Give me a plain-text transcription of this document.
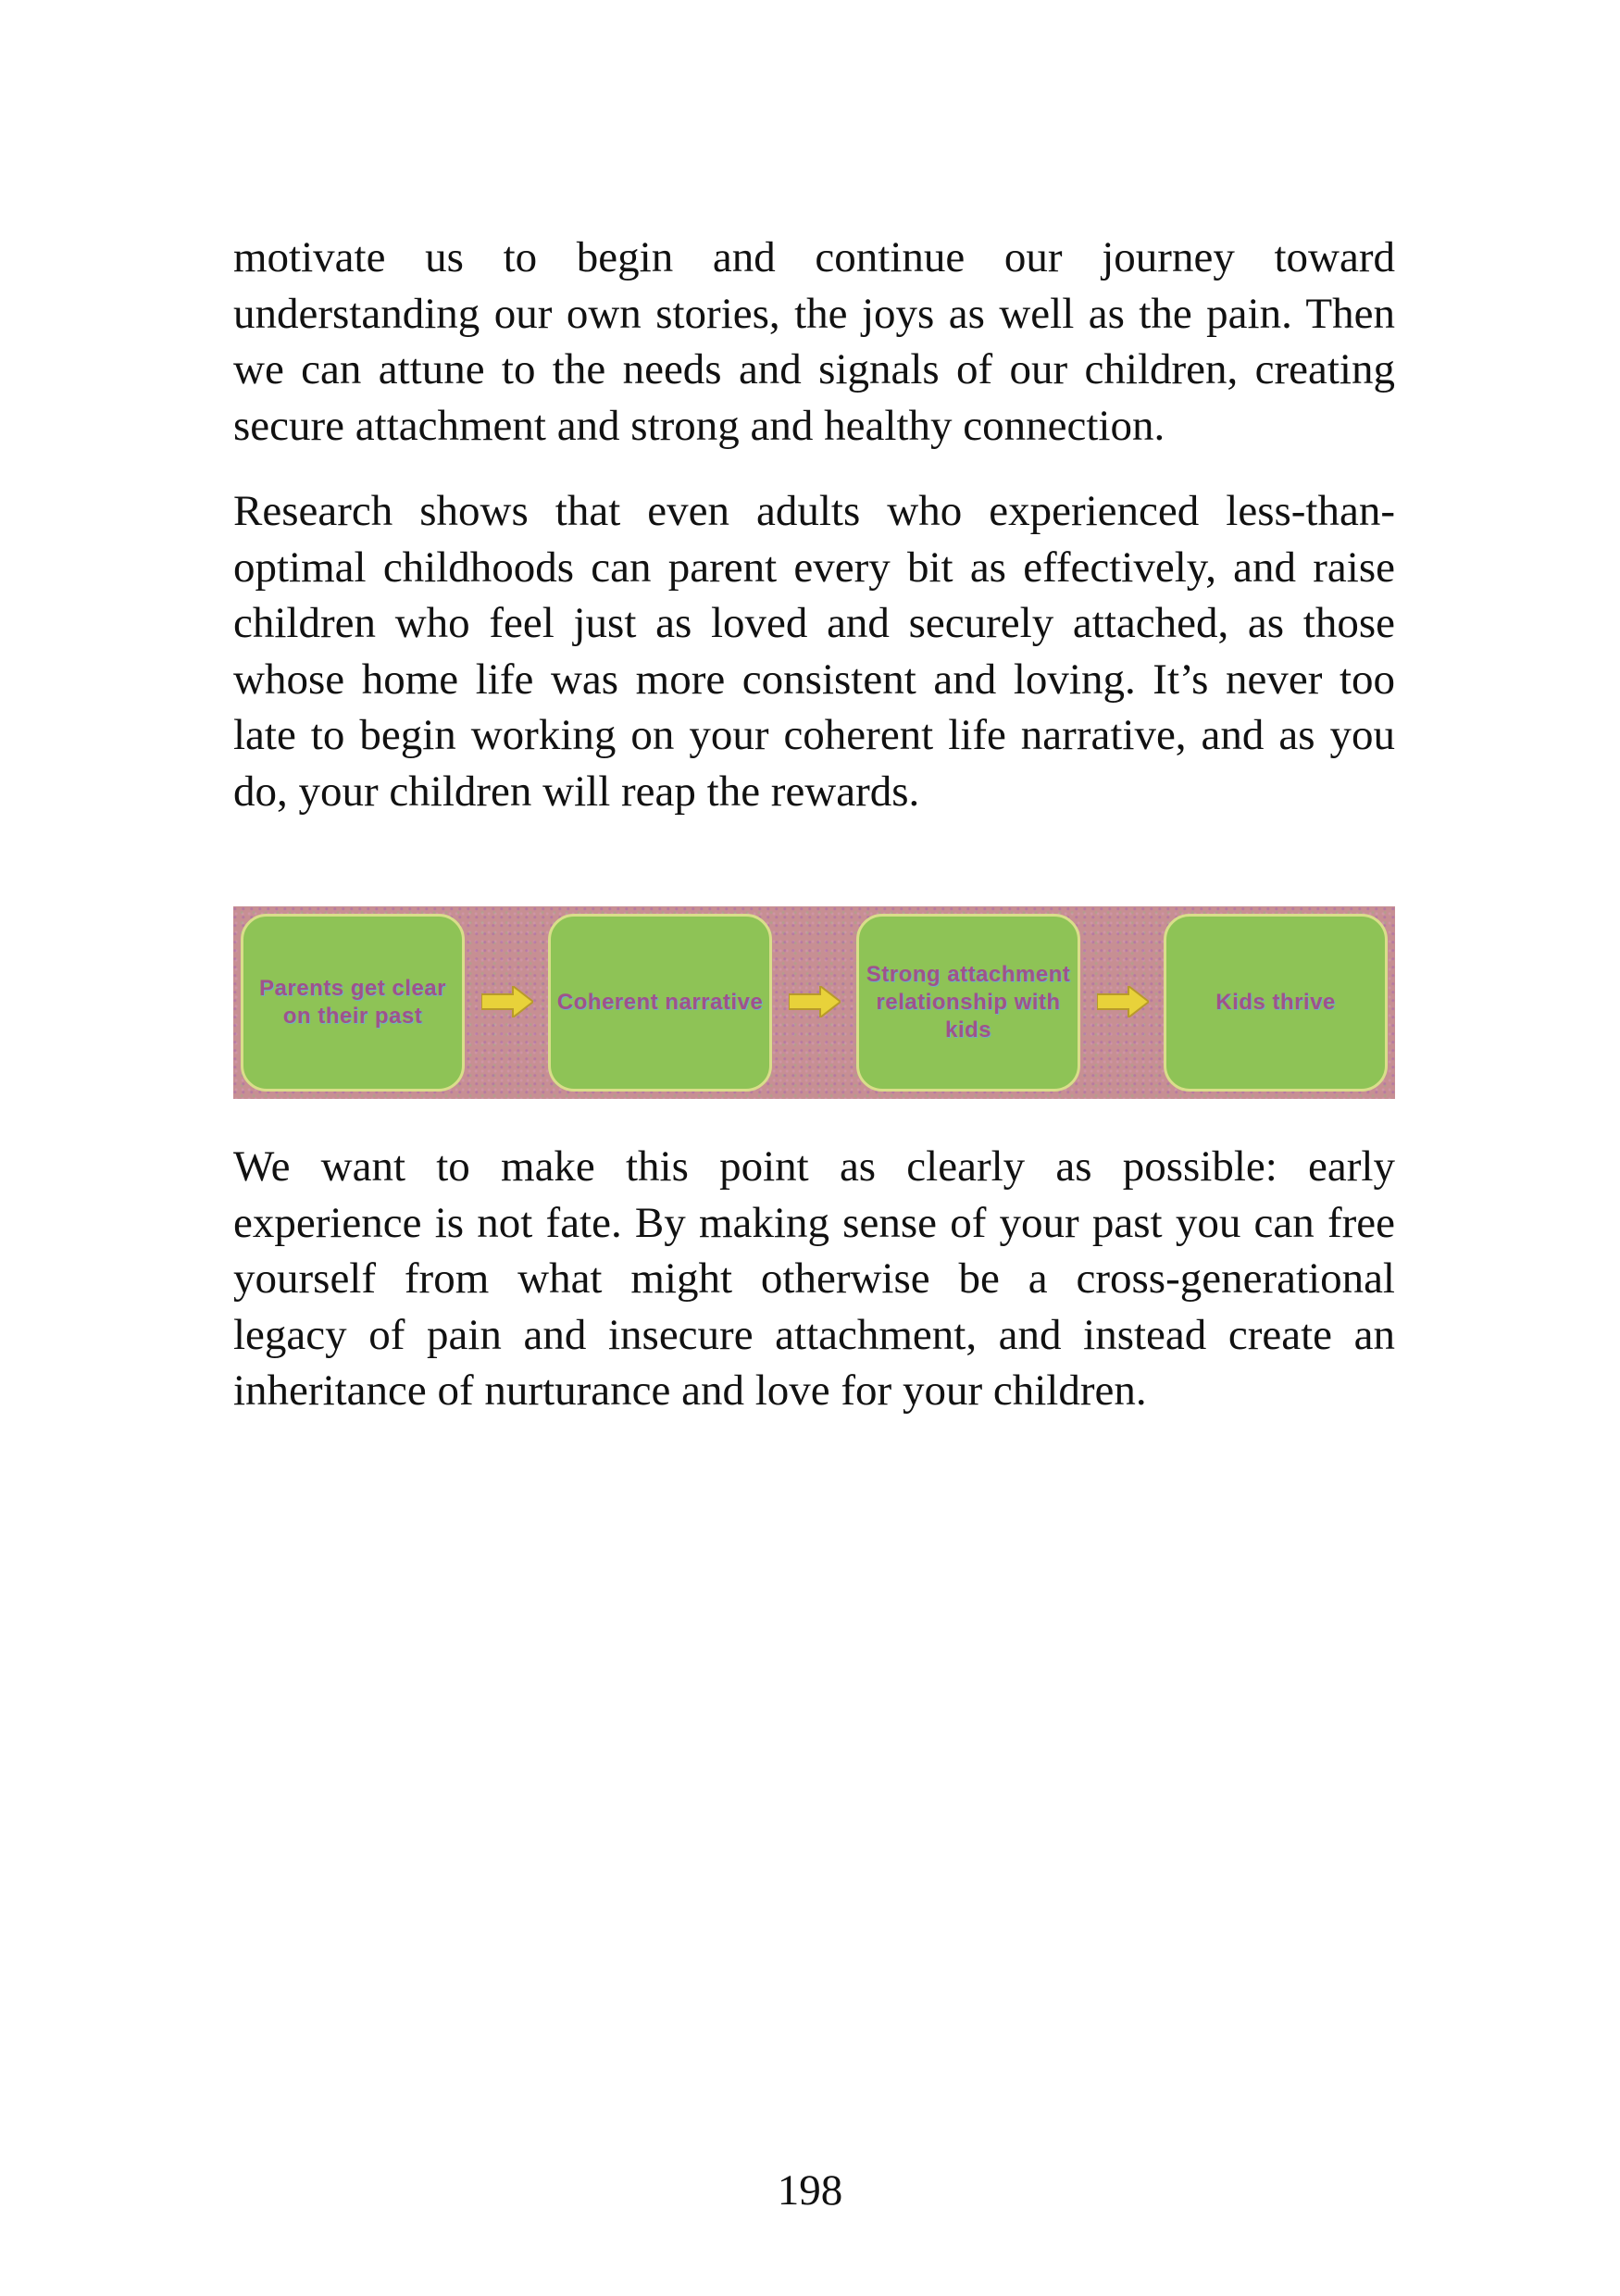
motivate us to begin and continue our journey toward understanding our own stories, the joys as well as the pain. Then we can attune to the needs and signals of our children, creating secure attachment and strong and healthy connection.

Research shows that even adults who experienced less-than-optimal childhoods can parent every bit as effectively, and raise children who feel just as loved and securely attached, as those whose home life was more consistent and loving. It’s never too late to begin working on your coherent life narrative, and as you do, your children will reap the rewards.

Parents get clear on their past
Coherent narrative
Strong attachment relationship with kids
Kids thrive

We want to make this point as clearly as possible: early experience is not fate. By making sense of your past you can free yourself from what might otherwise be a cross-generational legacy of pain and insecure attachment, and instead create an inheritance of nurturance and love for your children.

198
